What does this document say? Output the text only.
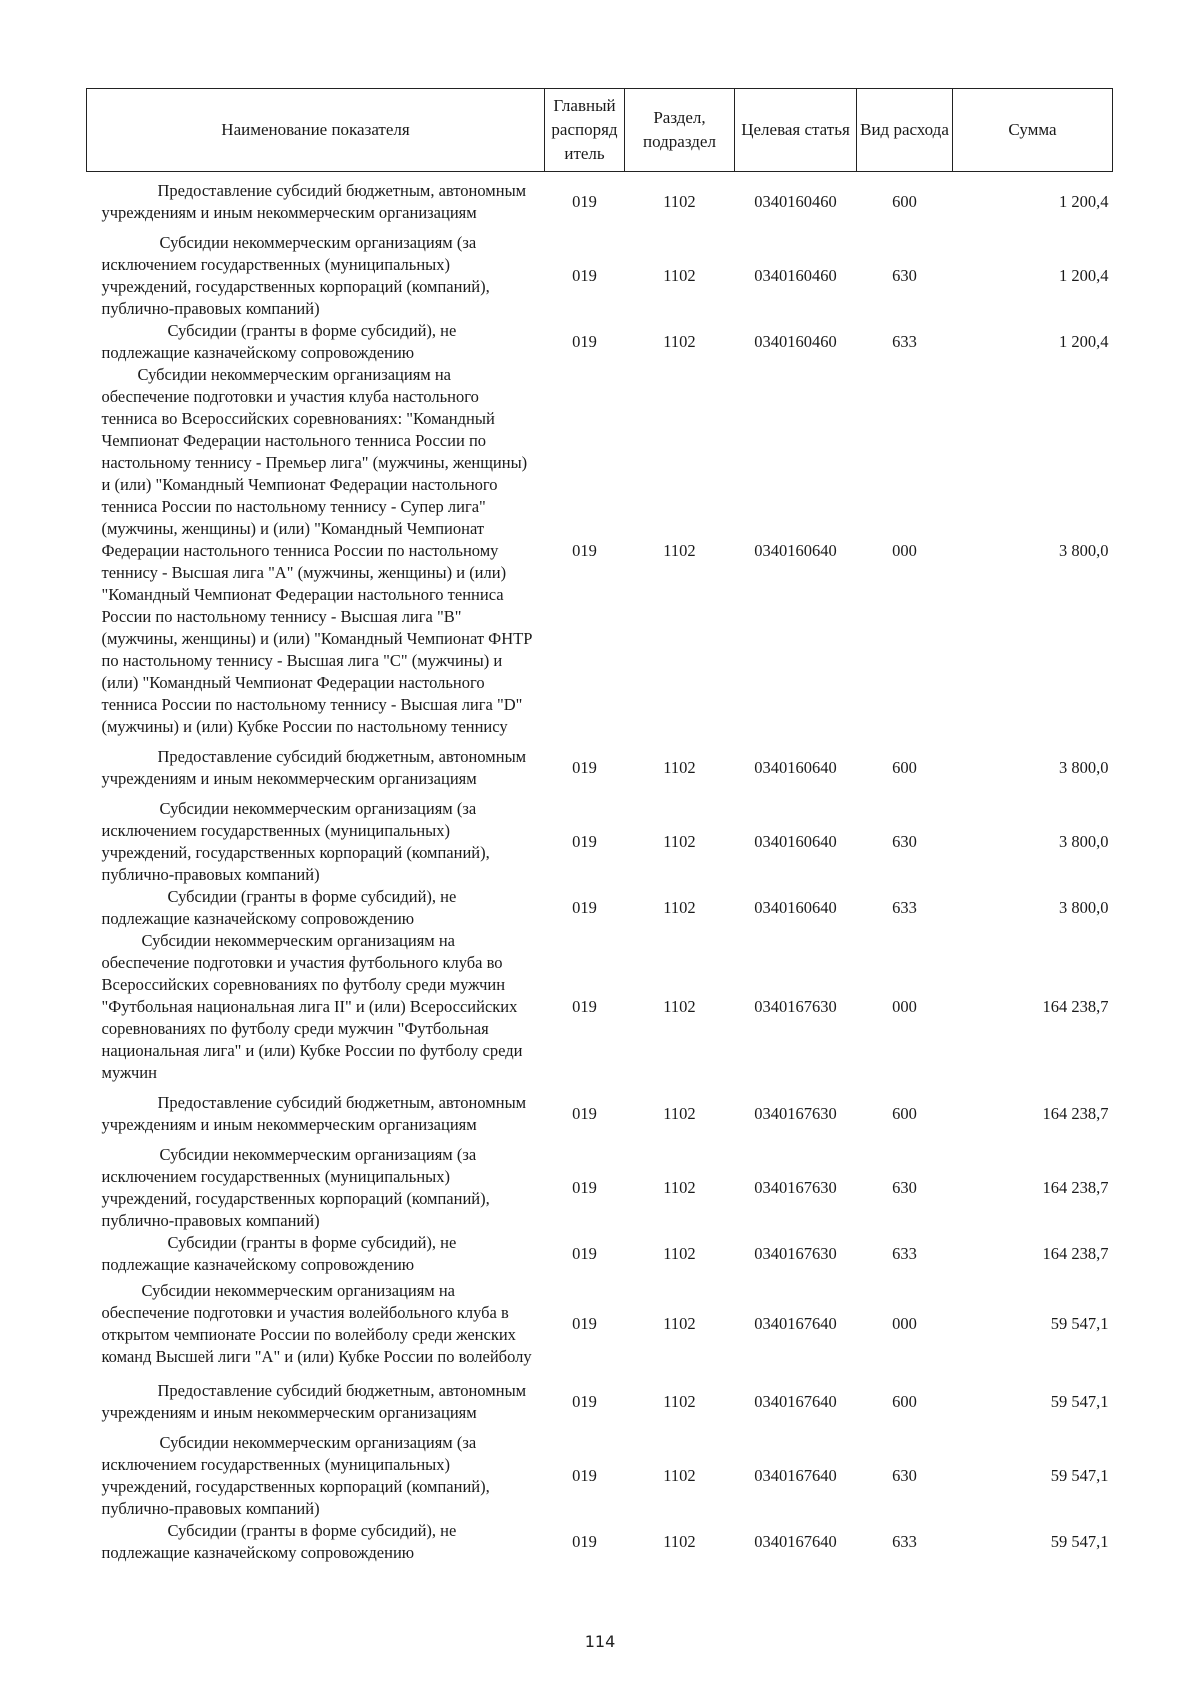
Наименование показателя	Главный распоряд итель	Раздел, подраздел	Целевая статья	Вид расхода	Сумма

Предоставление субсидий бюджетным, автономным учреждениям и иным некоммерческим организациям	019	1102	0340160460	600	1 200,4

Субсидии некоммерческим организациям (за исключением государственных (муниципальных) учреждений, государственных корпораций (компаний), публично-правовых компаний)	019	1102	0340160460	630	1 200,4

Субсидии (гранты в форме субсидий), не подлежащие казначейскому сопровождению	019	1102	0340160460	633	1 200,4

Субсидии некоммерческим организациям на обеспечение подготовки и участия клуба настольного тенниса во Всероссийских соревнованиях: "Командный Чемпионат Федерации настольного тенниса России по настольному теннису - Премьер лига" (мужчины, женщины) и (или) "Командный Чемпионат Федерации настольного тенниса России по настольному теннису - Супер лига" (мужчины, женщины) и (или) "Командный Чемпионат Федерации настольного тенниса России по настольному теннису - Высшая лига "А" (мужчины, женщины) и (или) "Командный Чемпионат Федерации настольного тенниса России по настольному теннису - Высшая лига "В" (мужчины, женщины) и (или) "Командный Чемпионат ФНТР по настольному теннису - Высшая лига "С" (мужчины) и (или) "Командный Чемпионат Федерации настольного тенниса России по настольному теннису - Высшая лига "D" (мужчины) и (или) Кубке России по настольному теннису	019	1102	0340160640	000	3 800,0

Предоставление субсидий бюджетным, автономным учреждениям и иным некоммерческим организациям	019	1102	0340160640	600	3 800,0

Субсидии некоммерческим организациям (за исключением государственных (муниципальных) учреждений, государственных корпораций (компаний), публично-правовых компаний)	019	1102	0340160640	630	3 800,0

Субсидии (гранты в форме субсидий), не подлежащие казначейскому сопровождению	019	1102	0340160640	633	3 800,0

Субсидии некоммерческим организациям на обеспечение подготовки и участия футбольного клуба во Всероссийских соревнованиях по футболу среди мужчин "Футбольная национальная лига II" и (или) Всероссийских соревнованиях по футболу среди мужчин "Футбольная национальная лига" и (или) Кубке России по футболу среди мужчин	019	1102	0340167630	000	164 238,7

Предоставление субсидий бюджетным, автономным учреждениям и иным некоммерческим организациям	019	1102	0340167630	600	164 238,7

Субсидии некоммерческим организациям (за исключением государственных (муниципальных) учреждений, государственных корпораций (компаний), публично-правовых компаний)	019	1102	0340167630	630	164 238,7

Субсидии (гранты в форме субсидий), не подлежащие казначейскому сопровождению	019	1102	0340167630	633	164 238,7

Субсидии некоммерческим организациям на обеспечение подготовки и участия волейбольного клуба в открытом чемпионате России по волейболу среди женских команд Высшей лиги "А" и (или) Кубке России по волейболу	019	1102	0340167640	000	59 547,1

Предоставление субсидий бюджетным, автономным учреждениям и иным некоммерческим организациям	019	1102	0340167640	600	59 547,1

Субсидии некоммерческим организациям (за исключением государственных (муниципальных) учреждений, государственных корпораций (компаний), публично-правовых компаний)	019	1102	0340167640	630	59 547,1

Субсидии (гранты в форме субсидий), не подлежащие казначейскому сопровождению	019	1102	0340167640	633	59 547,1
114
